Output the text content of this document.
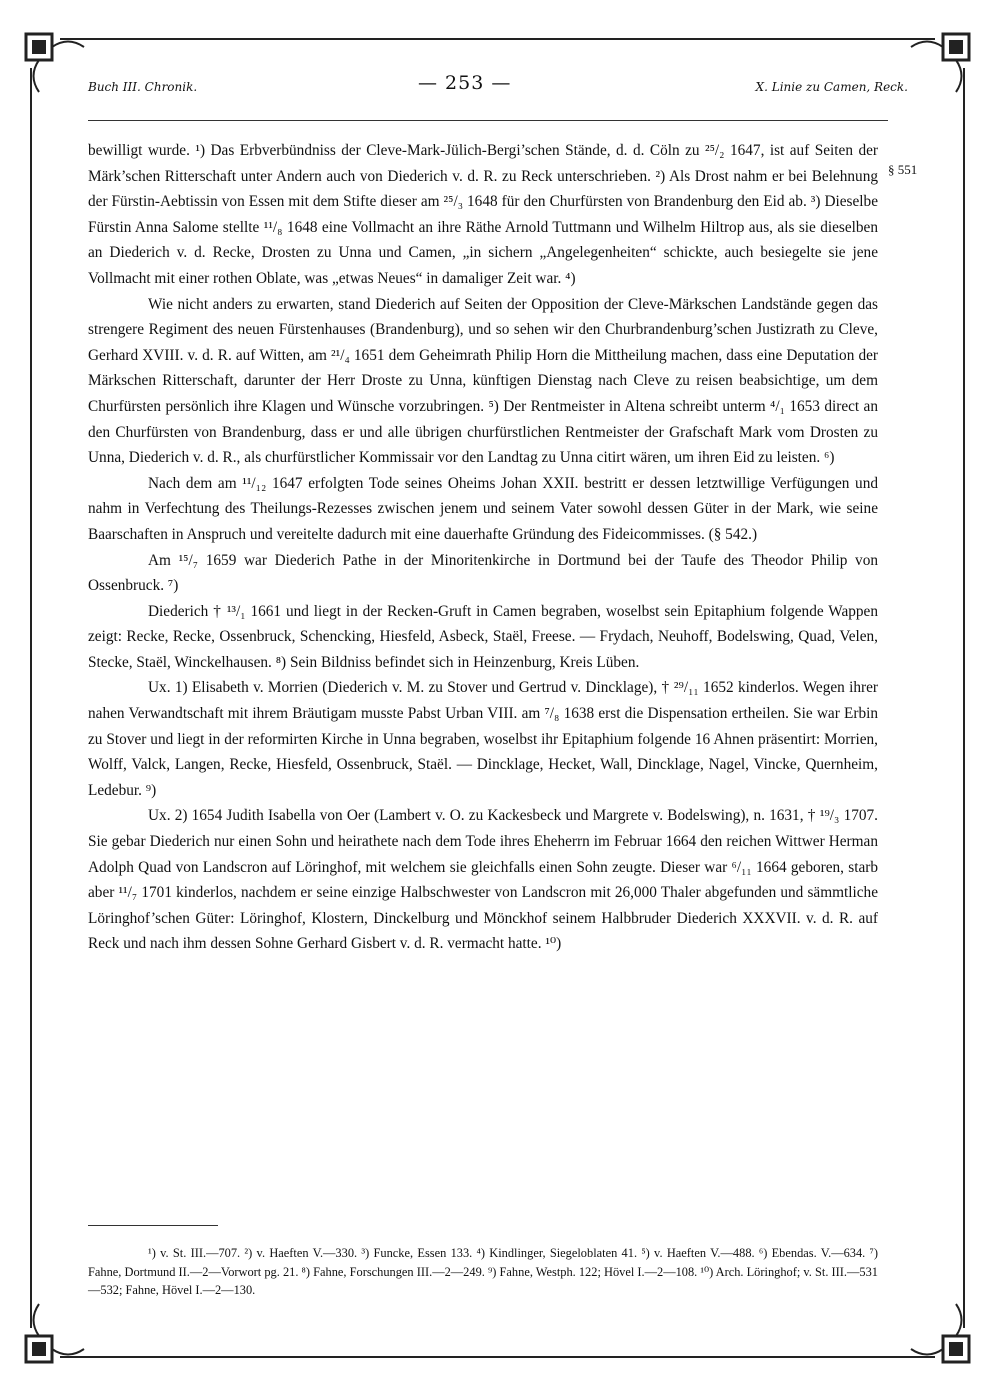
Buch III. Chronik.	— 253 —	X. Linie zu Camen, Reck.
§ 551

bewilligt wurde. ¹) Das Erbverbündniss der Cleve-Mark-Jülich-Bergi’schen Stände, d. d. Cöln zu ²⁵/₂ 1647, ist auf Seiten der Märk’schen Ritterschaft unter Andern auch von Diederich v. d. R. zu Reck unterschrieben. ²) Als Drost nahm er bei Belehnung der Fürstin-Aebtissin von Essen mit dem Stifte dieser am ²⁵/₃ 1648 für den Churfürsten von Brandenburg den Eid ab. ³) Dieselbe Fürstin Anna Salome stellte ¹¹/₈ 1648 eine Vollmacht an ihre Räthe Arnold Tuttmann und Wilhelm Hiltrop aus, als sie dieselben an Diederich v. d. Recke, Drosten zu Unna und Camen, „in sichern „Angelegenheiten“ schickte, auch besiegelte sie jene Vollmacht mit einer rothen Oblate, was „etwas Neues“ in damaliger Zeit war. ⁴)

Wie nicht anders zu erwarten, stand Diederich auf Seiten der Opposition der Cleve-Märkschen Landstände gegen das strengere Regiment des neuen Fürstenhauses (Brandenburg), und so sehen wir den Churbrandenburg’schen Justizrath zu Cleve, Gerhard XVIII. v. d. R. auf Witten, am ²¹/₄ 1651 dem Geheimrath Philip Horn die Mittheilung machen, dass eine Deputation der Märkschen Ritterschaft, darunter der Herr Droste zu Unna, künftigen Dienstag nach Cleve zu reisen beabsichtige, um dem Churfürsten persönlich ihre Klagen und Wünsche vorzubringen. ⁵) Der Rentmeister in Altena schreibt unterm ⁴/₁ 1653 direct an den Churfürsten von Brandenburg, dass er und alle übrigen churfürstlichen Rentmeister der Grafschaft Mark vom Drosten zu Unna, Diederich v. d. R., als churfürstlicher Kommissair vor den Landtag zu Unna citirt wären, um ihren Eid zu leisten. ⁶)

Nach dem am ¹¹/₁₂ 1647 erfolgten Tode seines Oheims Johan XXII. bestritt er dessen letztwillige Verfügungen und nahm in Verfechtung des Theilungs-Rezesses zwischen jenem und seinem Vater sowohl dessen Güter in der Mark, wie seine Baarschaften in Anspruch und vereitelte dadurch mit eine dauerhafte Gründung des Fideicommisses. (§ 542.)

Am ¹⁵/₇ 1659 war Diederich Pathe in der Minoritenkirche in Dortmund bei der Taufe des Theodor Philip von Ossenbruck. ⁷)

Diederich † ¹³/₁ 1661 und liegt in der Recken-Gruft in Camen begraben, woselbst sein Epitaphium folgende Wappen zeigt: Recke, Recke, Ossenbruck, Schencking, Hiesfeld, Asbeck, Staël, Freese. — Frydach, Neuhoff, Bodelswing, Quad, Velen, Stecke, Staël, Winckelhausen. ⁸) Sein Bildniss befindet sich in Heinzenburg, Kreis Lüben.

Ux. 1) Elisabeth v. Morrien (Diederich v. M. zu Stover und Gertrud v. Dincklage), † ²⁹/₁₁ 1652 kinderlos. Wegen ihrer nahen Verwandtschaft mit ihrem Bräutigam musste Pabst Urban VIII. am ⁷/₈ 1638 erst die Dispensation ertheilen. Sie war Erbin zu Stover und liegt in der reformirten Kirche in Unna begraben, woselbst ihr Epitaphium folgende 16 Ahnen präsentirt: Morrien, Wolff, Valck, Langen, Recke, Hiesfeld, Ossenbruck, Staël. — Dincklage, Hecket, Wall, Dincklage, Nagel, Vincke, Quernheim, Ledebur. ⁹)

Ux. 2) 1654 Judith Isabella von Oer (Lambert v. O. zu Kackesbeck und Margrete v. Bodelswing), n. 1631, † ¹⁹/₃ 1707. Sie gebar Diederich nur einen Sohn und heirathete nach dem Tode ihres Eheherrn im Februar 1664 den reichen Wittwer Herman Adolph Quad von Landscron auf Löringhof, mit welchem sie gleichfalls einen Sohn zeugte. Dieser war ⁶/₁₁ 1664 geboren, starb aber ¹¹/₇ 1701 kinderlos, nachdem er seine einzige Halbschwester von Landscron mit 26,000 Thaler abgefunden und sämmtliche Löringhof’schen Güter: Löringhof, Klostern, Dinckelburg und Mönckhof seinem Halbbruder Diederich XXXVII. v. d. R. auf Reck und nach ihm dessen Sohne Gerhard Gisbert v. d. R. vermacht hatte. ¹⁰)

¹) v. St. III.—707. ²) v. Haeften V.—330. ³) Funcke, Essen 133. ⁴) Kindlinger, Siegeloblaten 41. ⁵) v. Haeften V.—488. ⁶) Ebendas. V.—634. ⁷) Fahne, Dortmund II.—2—Vorwort pg. 21. ⁸) Fahne, Forschungen III.—2—249. ⁹) Fahne, Westph. 122; Hövel I.—2—108. ¹⁰) Arch. Löringhof; v. St. III.—531—532; Fahne, Hövel I.—2—130.
